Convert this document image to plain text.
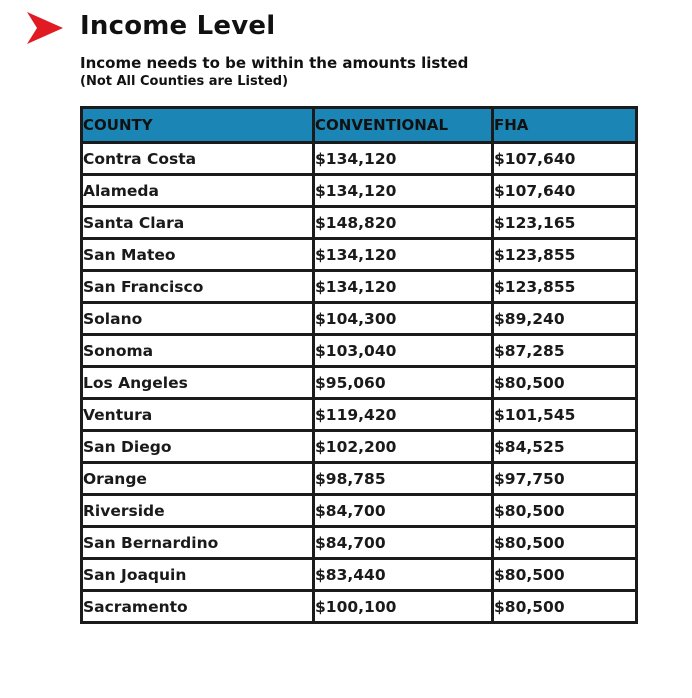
Income Level
Income needs to be within the amounts listed
(Not All Counties are Listed)
COUNTY	CONVENTIONAL	FHA
Contra Costa	$134,120	$107,640
Alameda	$134,120	$107,640
Santa Clara	$148,820	$123,165
San Mateo	$134,120	$123,855
San Francisco	$134,120	$123,855
Solano	$104,300	$89,240
Sonoma	$103,040	$87,285
Los Angeles	$95,060	$80,500
Ventura	$119,420	$101,545
San Diego	$102,200	$84,525
Orange	$98,785	$97,750
Riverside	$84,700	$80,500
San Bernardino	$84,700	$80,500
San Joaquin	$83,440	$80,500
Sacramento	$100,100	$80,500
